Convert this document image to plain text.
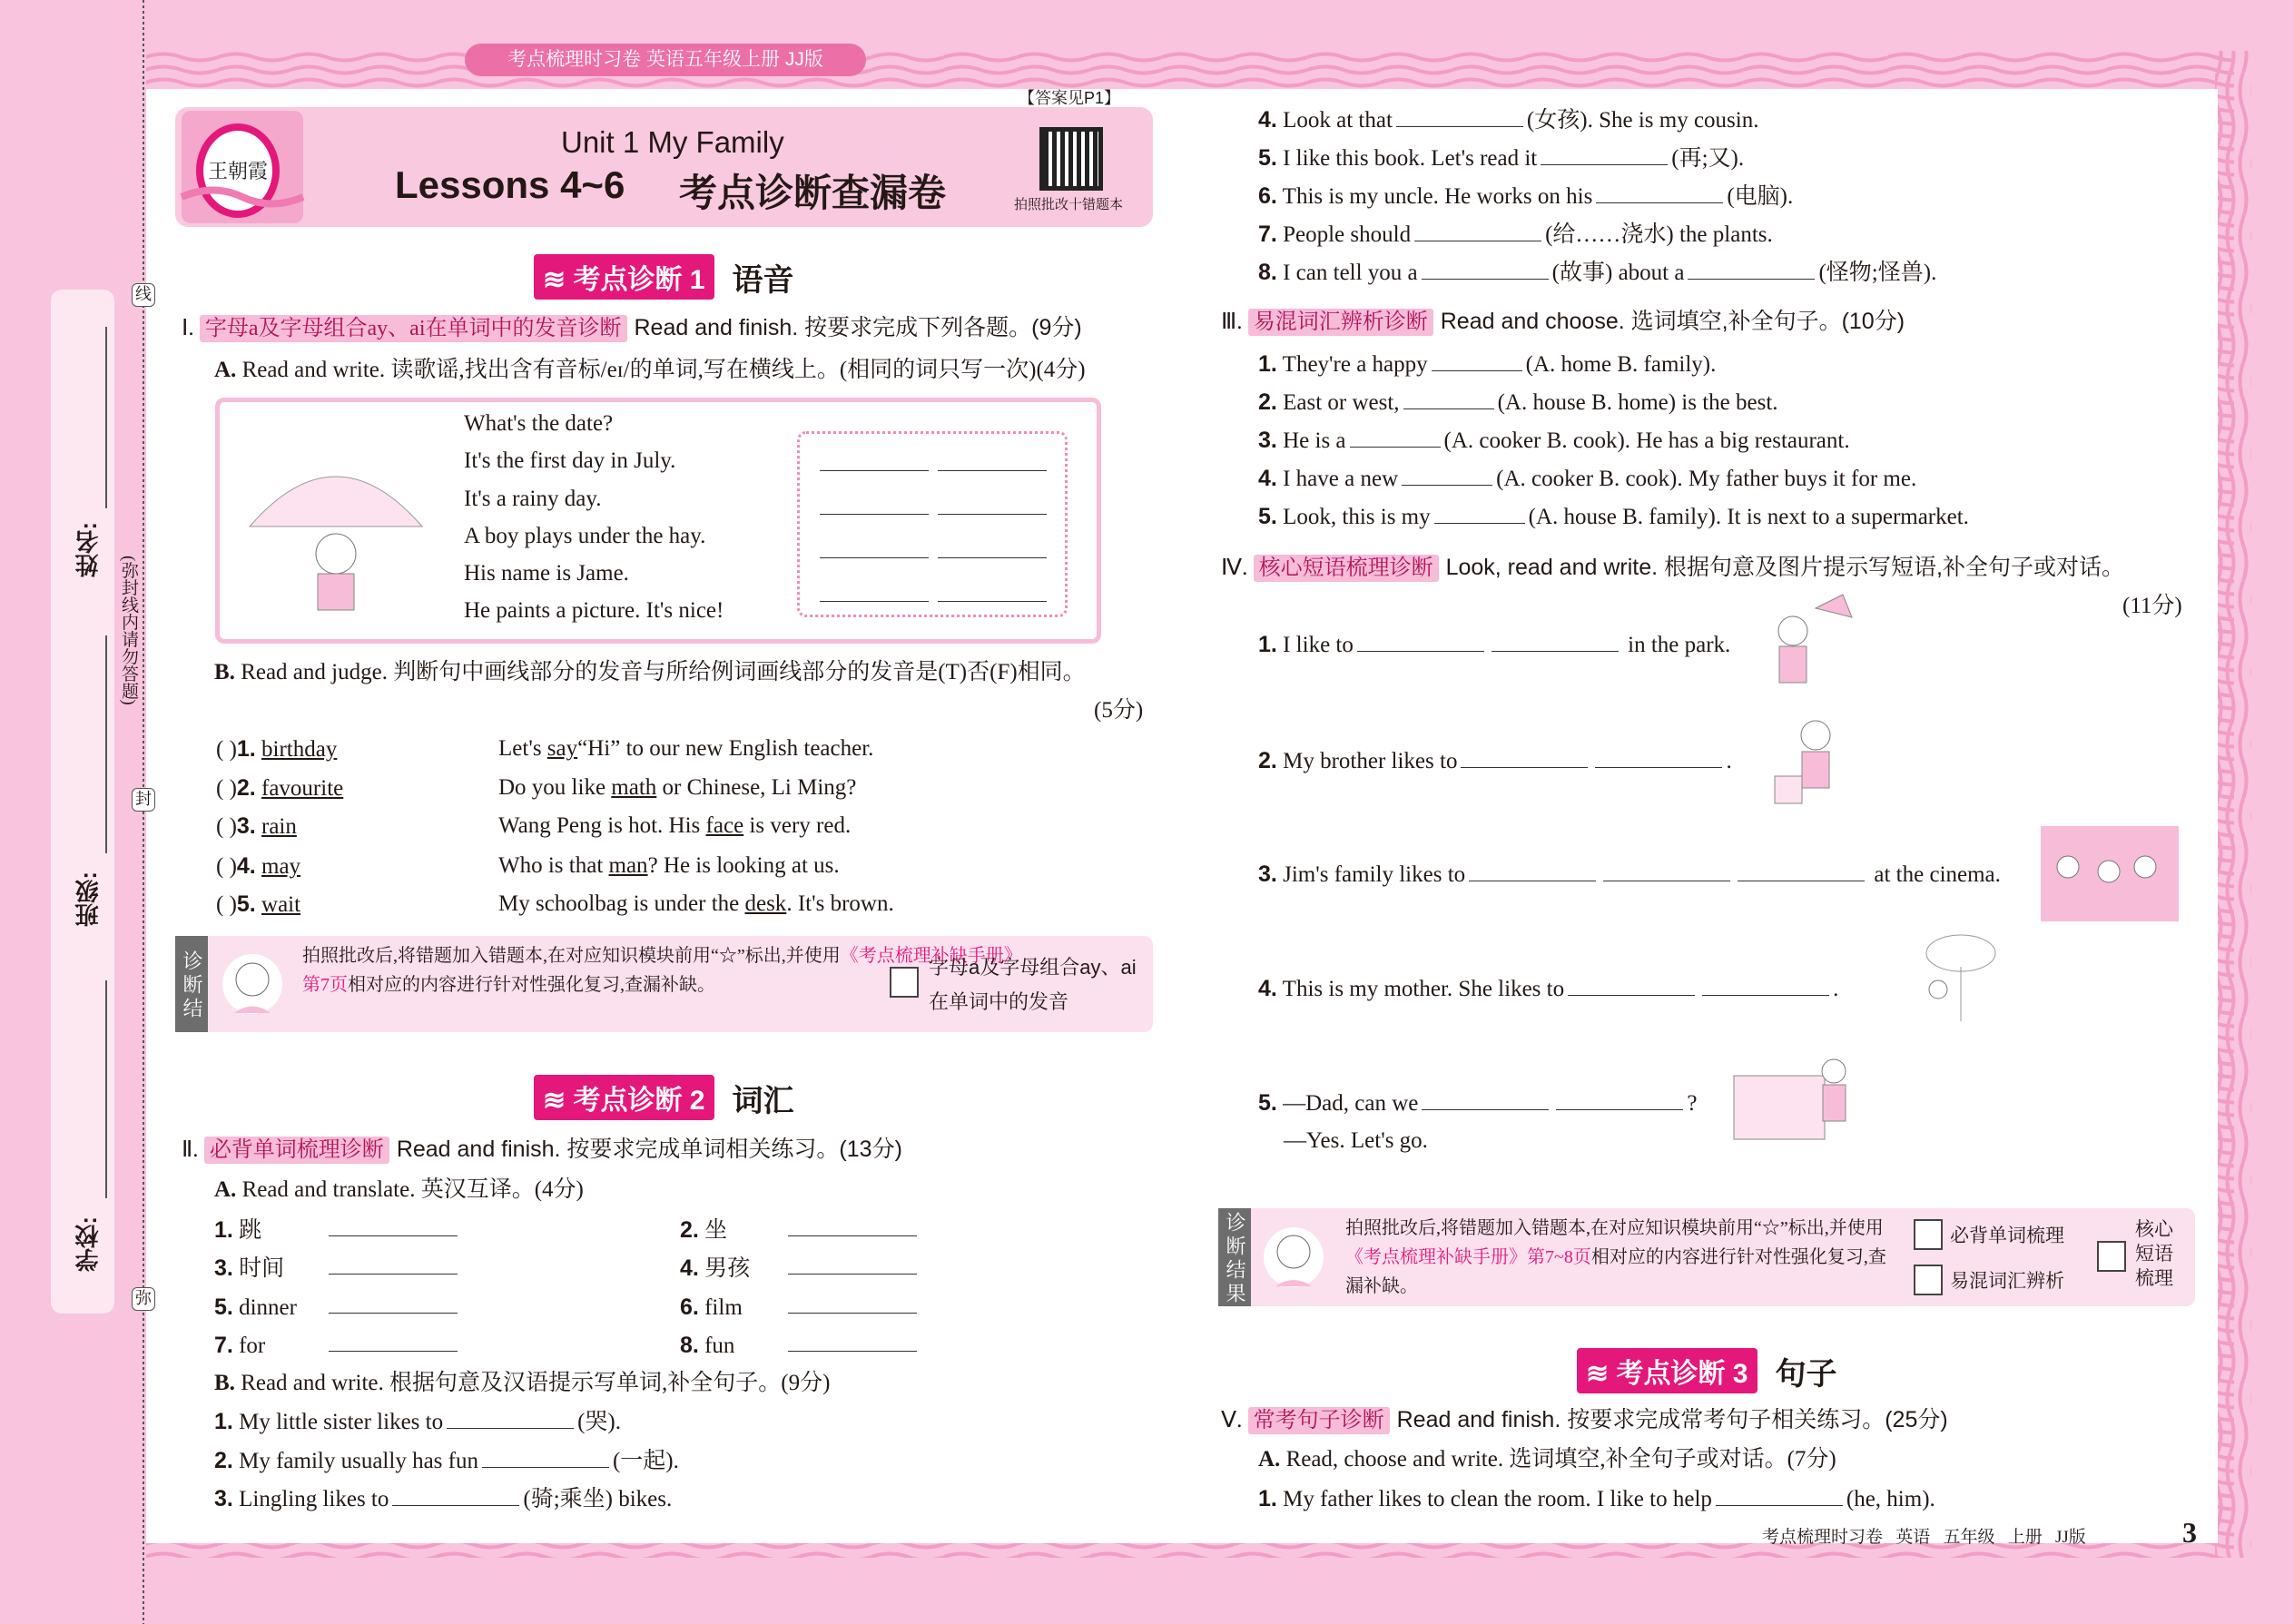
姓名:
班级:
学校:
(弥封线内请勿答题)
线
封
弥
考点梳理时习卷 英语五年级上册 JJ版
【答案见P1】
王朝霞
Unit 1 My Family
Lessons 4~6 考点诊断查漏卷	拍照批改十错题本
≋ 考点诊断 1 语音
Ⅰ. 字母a及字母组合ay、ai在单词中的发音诊断 Read and finish. 按要求完成下列各题。(9分)
A. Read and write. 读歌谣,找出含有音标/eɪ/的单词,写在横线上。(相同的词只写一次)(4分)
What's the date?
It's the first day in July.
It's a rainy day.
A boy plays under the hay.
His name is Jame.
He paints a picture. It's nice!
B. Read and judge. 判断句中画线部分的发音与所给例词画线部分的发音是(T)否(F)相同。
(5分)
( )1. birthday	Let's say“Hi” to our new English teacher.
( )2. favourite	Do you like math or Chinese, Li Ming?
( )3. rain	Wang Peng is hot. His face is very red.
( )4. may	Who is that man? He is looking at us.
( )5. wait	My schoolbag is under the desk. It's brown.
诊断结果
拍照批改后,将错题加入错题本,在对应知识模块前用“☆”标出,并使用《考点梳理补缺手册》第7页相对应的内容进行针对性强化复习,查漏补缺。
字母a及字母组合ay、ai在单词中的发音
≋ 考点诊断 2 词汇
Ⅱ. 必背单词梳理诊断 Read and finish. 按要求完成单词相关练习。(13分)
A. Read and translate. 英汉互译。(4分)
1. 跳	2. 坐
3. 时间	4. 男孩
5. dinner	6. film
7. for	8. fun
B. Read and write. 根据句意及汉语提示写单词,补全句子。(9分)
1. My little sister likes to	(哭).
2. My family usually has fun	(一起).
3. Lingling likes to	(骑;乘坐) bikes.
4. Look at that	(女孩). She is my cousin.
5. I like this book. Let's read it	(再;又).
6. This is my uncle. He works on his	(电脑).
7. People should	(给……浇水) the plants.
8. I can tell you a	(故事) about a	(怪物;怪兽).
Ⅲ. 易混词汇辨析诊断 Read and choose. 选词填空,补全句子。(10分)
1. They're a happy	(A. home B. family).
2. East or west,	(A. house B. home) is the best.
3. He is a	(A. cooker B. cook). He has a big restaurant.
4. I have a new	(A. cooker B. cook). My father buys it for me.
5. Look, this is my	(A. house B. family). It is next to a supermarket.
Ⅳ. 核心短语梳理诊断 Look, read and write. 根据句意及图片提示写短语,补全句子或对话。
(11分)
1. I like to	in the park.
2. My brother likes to	.
3. Jim's family likes to	at the cinema.
4. This is my mother. She likes to	.
5. —Dad, can we	?
—Yes. Let's go.
诊断结果	拍照批改后,将错题加入错题本,在对应知识模块前用“☆”标出,并使用《考点梳理补缺手册》第7~8页相对应的内容进行针对性强化复习,查漏补缺。
必背单词梳理
易混词汇辨析
核心短语梳理
≋ 考点诊断 3 句子
Ⅴ. 常考句子诊断 Read and finish. 按要求完成常考句子相关练习。(25分)
A. Read, choose and write. 选词填空,补全句子或对话。(7分)
1. My father likes to clean the room. I like to help	(he, him).
考点梳理时习卷   英语   五年级   上册   JJ版	3
